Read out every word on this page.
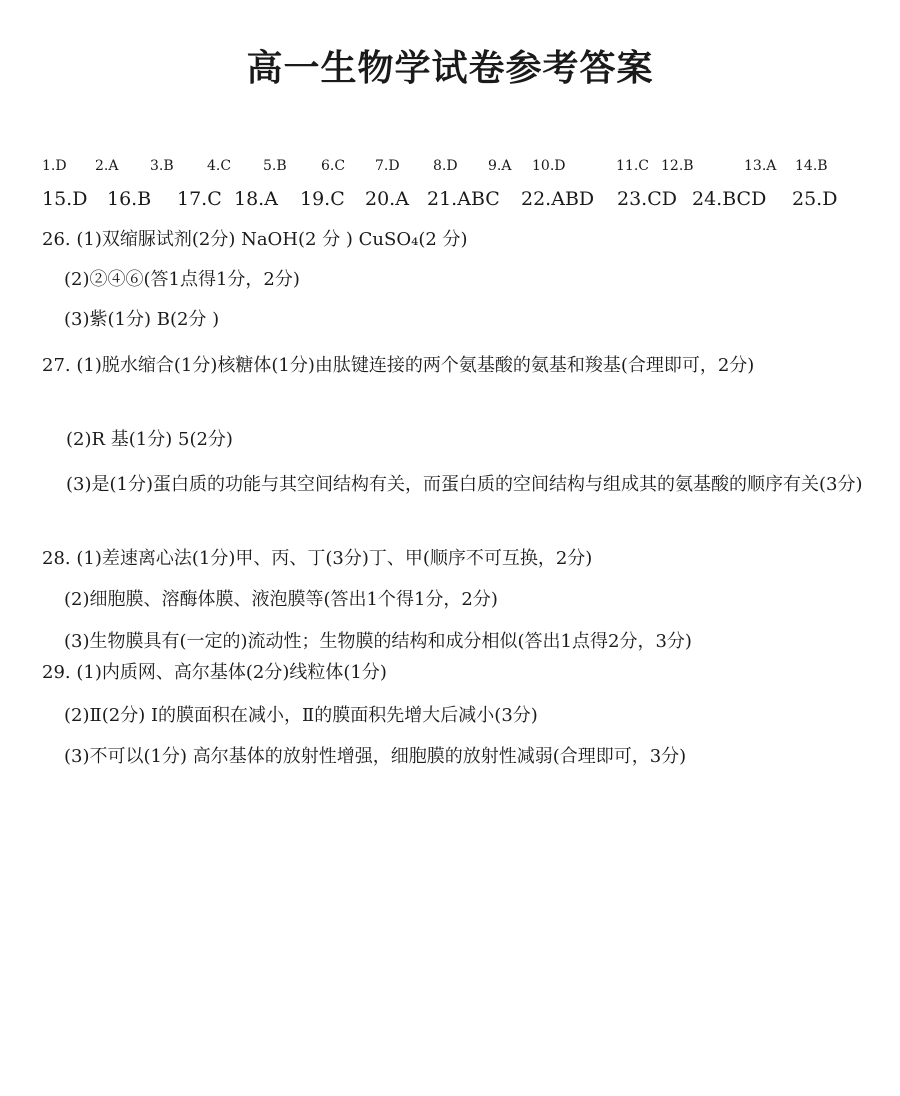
高一生物学试卷参考答案
1.D 2.A 3.B 4.C 5.B 6.C 7.D 8.D 9.A 10.D	11.C 12.B	13.A 14.B
15.D 16.B 17.C 18.A 19.C 20.A 21.ABC 22.ABD 23.CD 24.BCD 25.D
26. (1)双缩脲试剂(2分) NaOH(2 分 ) CuSO₄(2 分)
(2)②④⑥(答1点得1分，2分)
(3)紫(1分) B(2分 )
27. (1)脱水缩合(1分)核糖体(1分)由肽键连接的两个氨基酸的氨基和羧基(合理即可，2分)
(2)R 基(1分) 5(2分)
(3)是(1分)蛋白质的功能与其空间结构有关，而蛋白质的空间结构与组成其的氨基酸的顺序有关(3分)
28. (1)差速离心法(1分)甲、丙、丁(3分)丁、甲(顺序不可互换，2分)
(2)细胞膜、溶酶体膜、液泡膜等(答出1个得1分，2分)
(3)生物膜具有(一定的)流动性；生物膜的结构和成分相似(答出1点得2分，3分)
29. (1)内质网、高尔基体(2分)线粒体(1分)
(2)Ⅱ(2分) Ⅰ的膜面积在减小，Ⅱ的膜面积先增大后减小(3分)
(3)不可以(1分) 高尔基体的放射性增强，细胞膜的放射性减弱(合理即可，3分)
